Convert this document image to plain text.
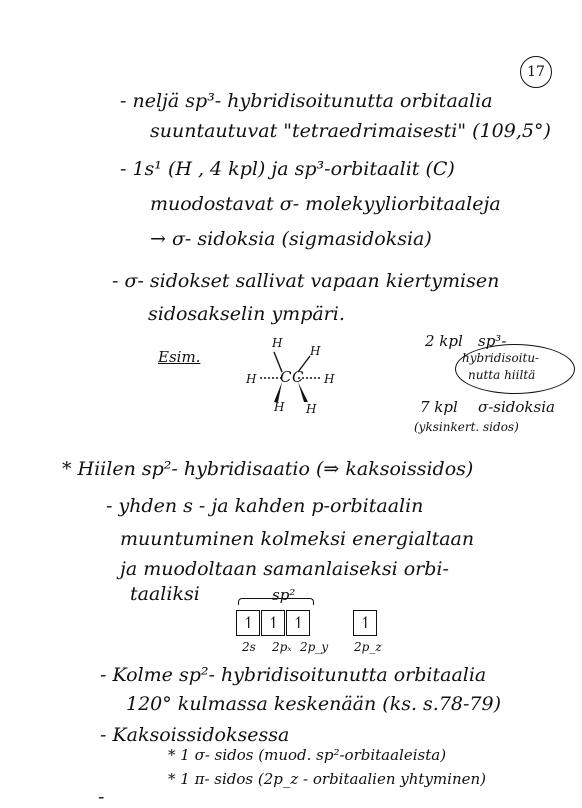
17
- neljä sp³- hybridisoitunutta orbitaalia
suuntautuvat "tetraedrimaisesti" (109,5°)
- 1s¹ (H , 4 kpl) ja sp³-orbitaalit (C)
muodostavat σ- molekyyliorbitaaleja
→ σ- sidoksia (sigmasidoksia)
- σ- sidokset sallivat vapaan kiertymisen
sidosakselin ympäri.
Esim.
H
H
H
C C
H
H
H
2 kpl sp³-
hybridisoitu-
nutta hiiltä
7 kpl σ-sidoksia
(yksinkert. sidos)
* Hiilen sp²- hybridisaatio (⇒ kaksoissidos)
- yhden s - ja kahden p-orbitaalin
muuntuminen kolmeksi energialtaan
ja muodoltaan samanlaiseksi orbi-
taaliksi	sp²
↿ ↿ ↿	↿
2s 2pₓ 2p_y 2p_z
- Kolme sp²- hybridisoitunutta orbitaalia
120° kulmassa keskenään (ks. s.78-79)
- Kaksoissidoksessa
* 1 σ- sidos (muod. sp²-orbitaaleista)
* 1 π- sidos (2p_z - orbitaalien yhtyminen)
-
